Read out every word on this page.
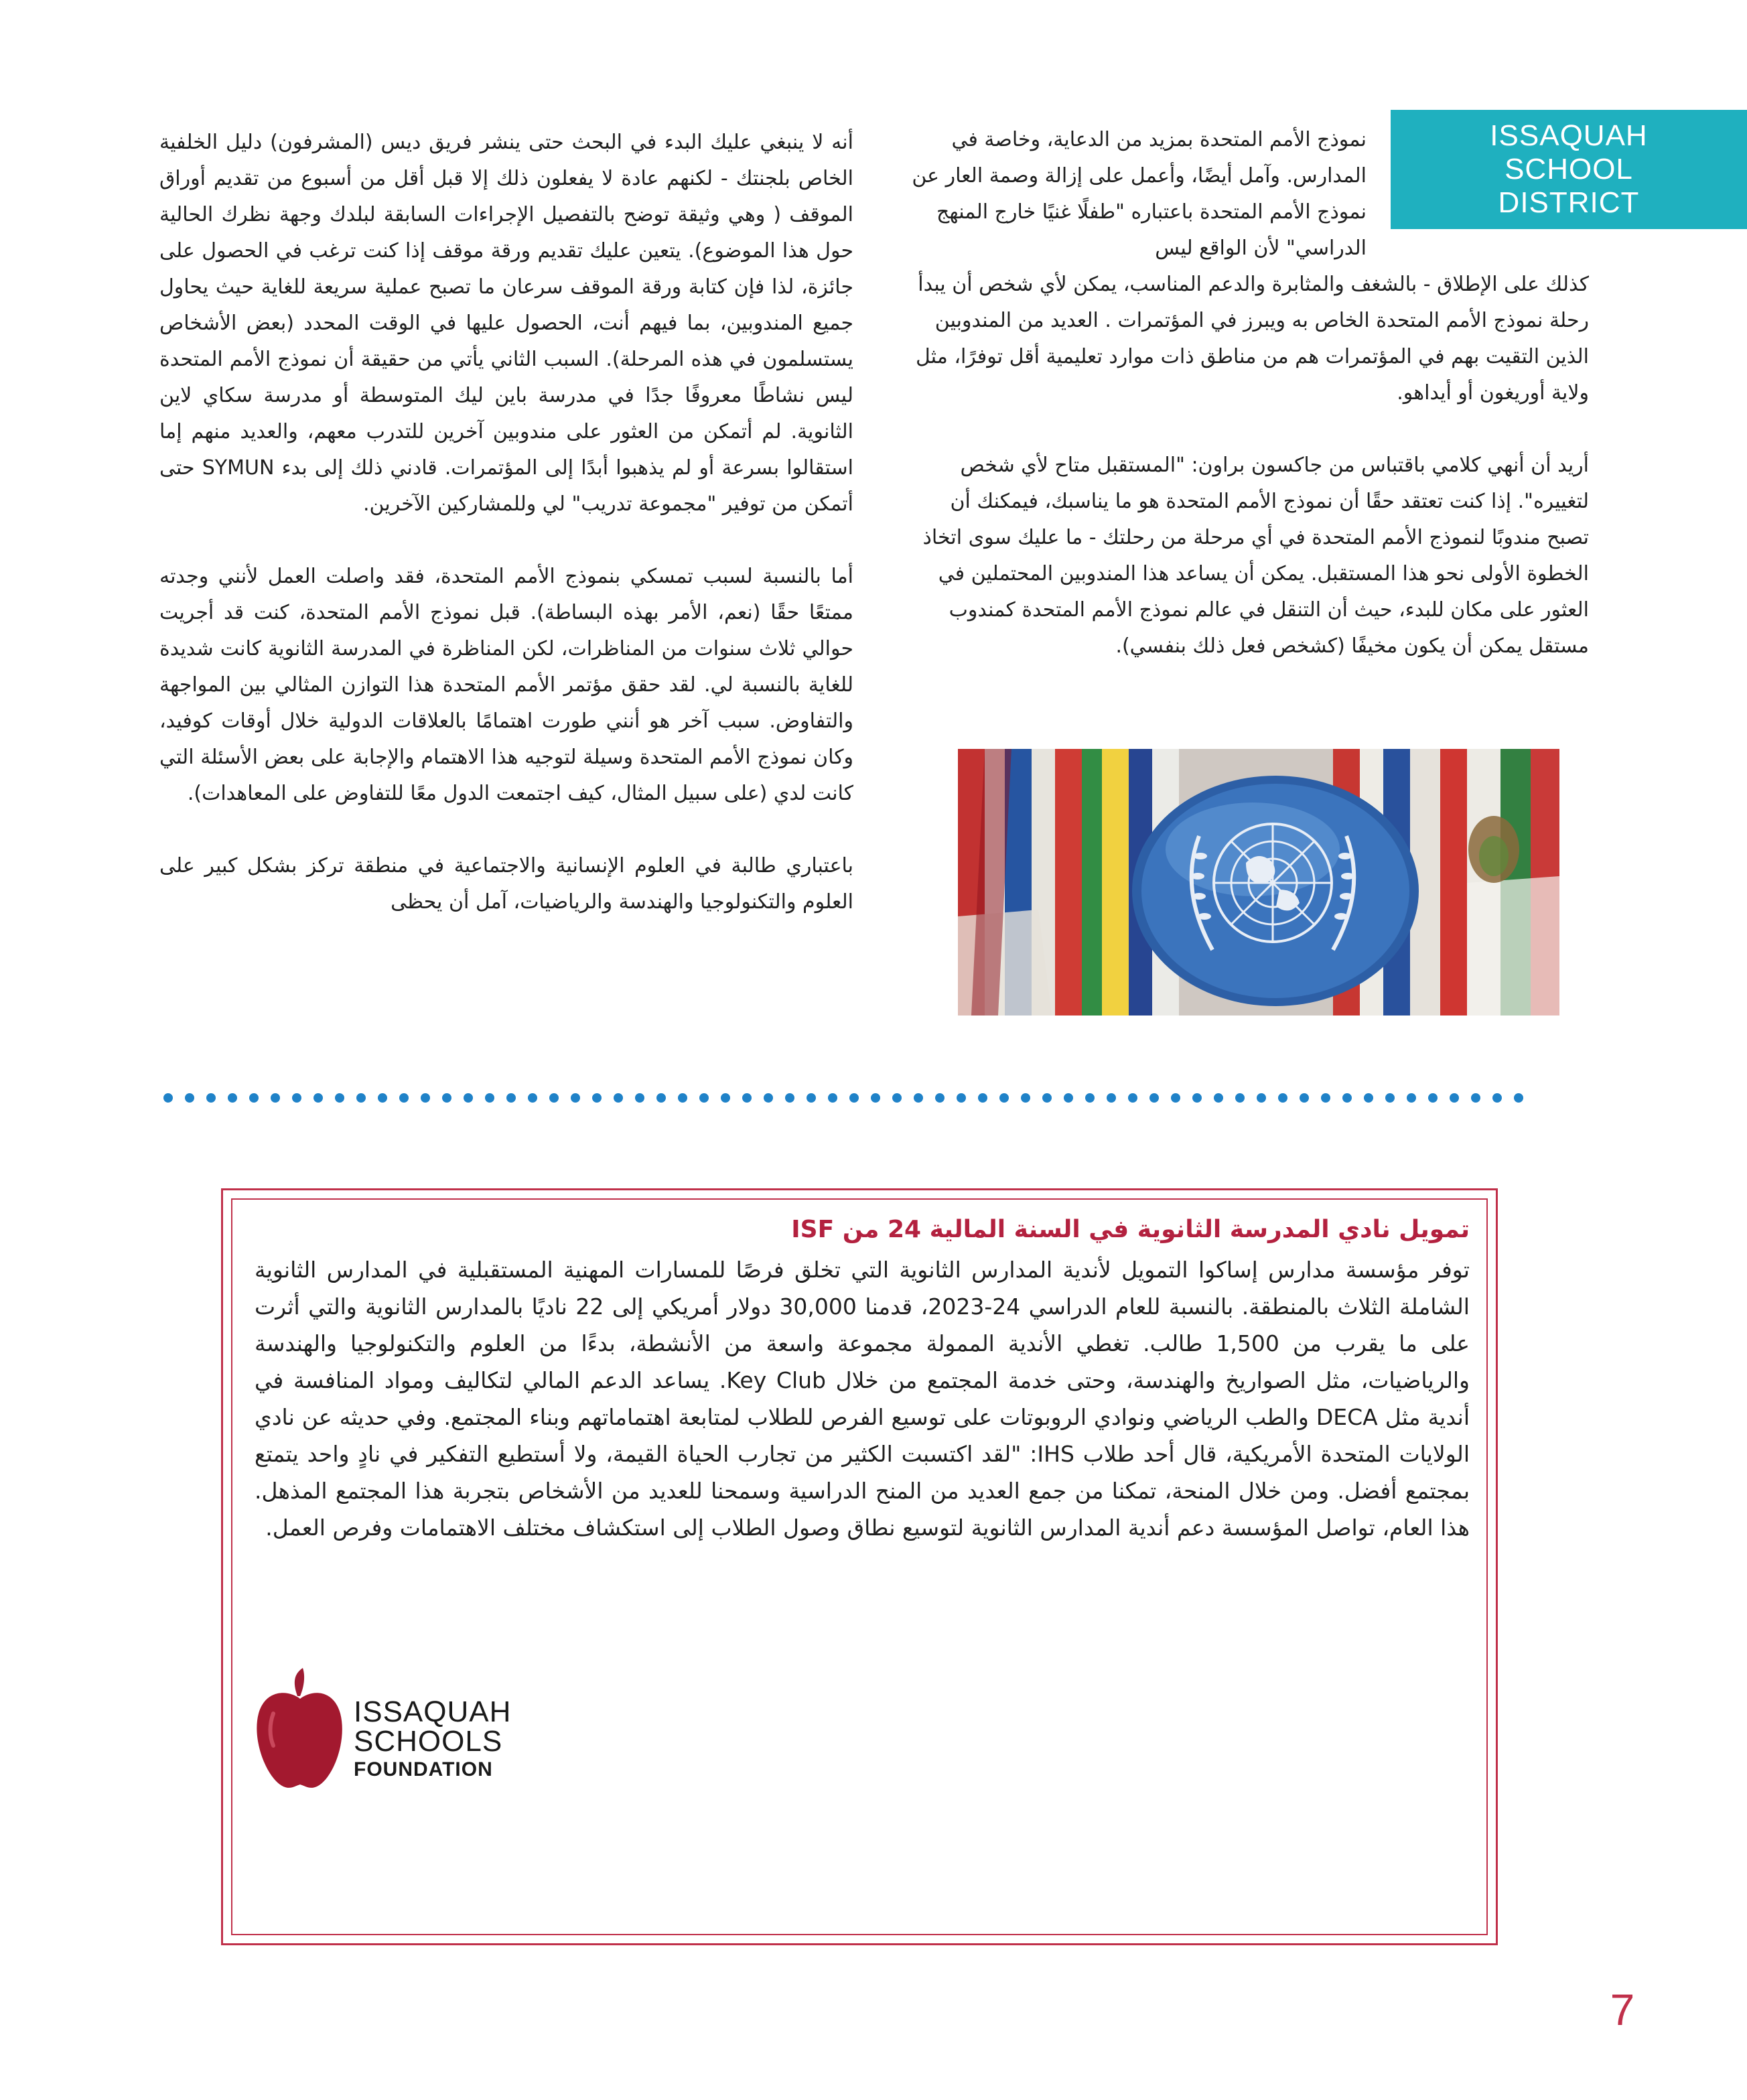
ISSAQUAH
SCHOOL
DISTRICT
نموذج الأمم المتحدة بمزيد من الدعاية، وخاصة في المدارس. وآمل أيضًا، وأعمل على إزالة وصمة العار عن نموذج الأمم المتحدة باعتباره "طفلًا غنيًا خارج المنهج الدراسي" لأن الواقع ليس

كذلك على الإطلاق - بالشغف والمثابرة والدعم المناسب، يمكن لأي شخص أن يبدأ رحلة نموذج الأمم المتحدة الخاص به ويبرز في المؤتمرات . العديد من المندوبين الذين التقيت بهم في المؤتمرات هم من مناطق ذات موارد تعليمية أقل توفرًا، مثل ولاية أوريغون أو أيداهو.

أريد أن أنهي كلامي باقتباس من جاكسون براون: "المستقبل متاح لأي شخص لتغييره". إذا كنت تعتقد حقًا أن نموذج الأمم المتحدة هو ما يناسبك، فيمكنك أن تصبح مندوبًا لنموذج الأمم المتحدة في أي مرحلة من رحلتك - ما عليك سوى اتخاذ الخطوة الأولى نحو هذا المستقبل. يمكن أن يساعد هذا المندوبين المحتملين في العثور على مكان للبدء، حيث أن التنقل في عالم نموذج الأمم المتحدة كمندوب مستقل يمكن أن يكون مخيفًا (كشخص فعل ذلك بنفسي).

أنه لا ينبغي عليك البدء في البحث حتى ينشر فريق ديس (المشرفون) دليل الخلفية الخاص بلجنتك - لكنهم عادة لا يفعلون ذلك إلا قبل أقل من أسبوع من تقديم أوراق الموقف ( وهي وثيقة توضح بالتفصيل الإجراءات السابقة لبلدك وجهة نظرك الحالية حول هذا الموضوع). يتعين عليك تقديم ورقة موقف إذا كنت ترغب في الحصول على جائزة، لذا فإن كتابة ورقة الموقف سرعان ما تصبح عملية سريعة للغاية حيث يحاول جميع المندوبين، بما فيهم أنت، الحصول عليها في الوقت المحدد (بعض الأشخاص يستسلمون في هذه المرحلة). السبب الثاني يأتي من حقيقة أن نموذج الأمم المتحدة ليس نشاطًا معروفًا جدًا في مدرسة باين ليك المتوسطة أو مدرسة سكاي لاين الثانوية. لم أتمكن من العثور على مندوبين آخرين للتدرب معهم، والعديد منهم إما استقالوا بسرعة أو لم يذهبوا أبدًا إلى المؤتمرات. قادني ذلك إلى بدء SYMUN حتى أتمكن من توفير "مجموعة تدريب" لي وللمشاركين الآخرين.

أما بالنسبة لسبب تمسكي بنموذج الأمم المتحدة، فقد واصلت العمل لأنني وجدته ممتعًا حقًا (نعم، الأمر بهذه البساطة). قبل نموذج الأمم المتحدة، كنت قد أجريت حوالي ثلاث سنوات من المناظرات، لكن المناظرة في المدرسة الثانوية كانت شديدة للغاية بالنسبة لي. لقد حقق مؤتمر الأمم المتحدة هذا التوازن المثالي بين المواجهة والتفاوض. سبب آخر هو أنني طورت اهتمامًا بالعلاقات الدولية خلال أوقات كوفيد، وكان نموذج الأمم المتحدة وسيلة لتوجيه هذا الاهتمام والإجابة على بعض الأسئلة التي كانت لدي (على سبيل المثال، كيف اجتمعت الدول معًا للتفاوض على المعاهدات).

باعتباري طالبة في العلوم الإنسانية والاجتماعية في منطقة تركز بشكل كبير على العلوم والتكنولوجيا والهندسة والرياضيات، آمل أن يحظى

تمويل نادي المدرسة الثانوية في السنة المالية 24 من ISF
توفر مؤسسة مدارس إساكوا التمويل لأندية المدارس الثانوية التي تخلق فرصًا للمسارات المهنية المستقبلية في المدارس الثانوية الشاملة الثلاث بالمنطقة. بالنسبة للعام الدراسي 24-2023، قدمنا 30,000 دولار أمريكي إلى 22 ناديًا بالمدارس الثانوية والتي أثرت على ما يقرب من 1,500 طالب. تغطي الأندية الممولة مجموعة واسعة من الأنشطة، بدءًا من العلوم والتكنولوجيا والهندسة والرياضيات، مثل الصواريخ والهندسة، وحتى خدمة المجتمع من خلال Key Club. يساعد الدعم المالي لتكاليف ومواد المنافسة في أندية مثل DECA والطب الرياضي ونوادي الروبوتات على توسيع الفرص للطلاب لمتابعة اهتماماتهم وبناء المجتمع. وفي حديثه عن نادي الولايات المتحدة الأمريكية، قال أحد طلاب IHS: "لقد اكتسبت الكثير من تجارب الحياة القيمة، ولا أستطيع التفكير في نادٍ واحد يتمتع بمجتمع أفضل. ومن خلال المنحة، تمكنا من جمع العديد من المنح الدراسية وسمحنا للعديد من الأشخاص بتجربة هذا المجتمع المذهل. هذا العام، تواصل المؤسسة دعم أندية المدارس الثانوية لتوسيع نطاق وصول الطلاب إلى استكشاف مختلف الاهتمامات وفرص العمل.
ISSAQUAH
SCHOOLS
FOUNDATION
7
